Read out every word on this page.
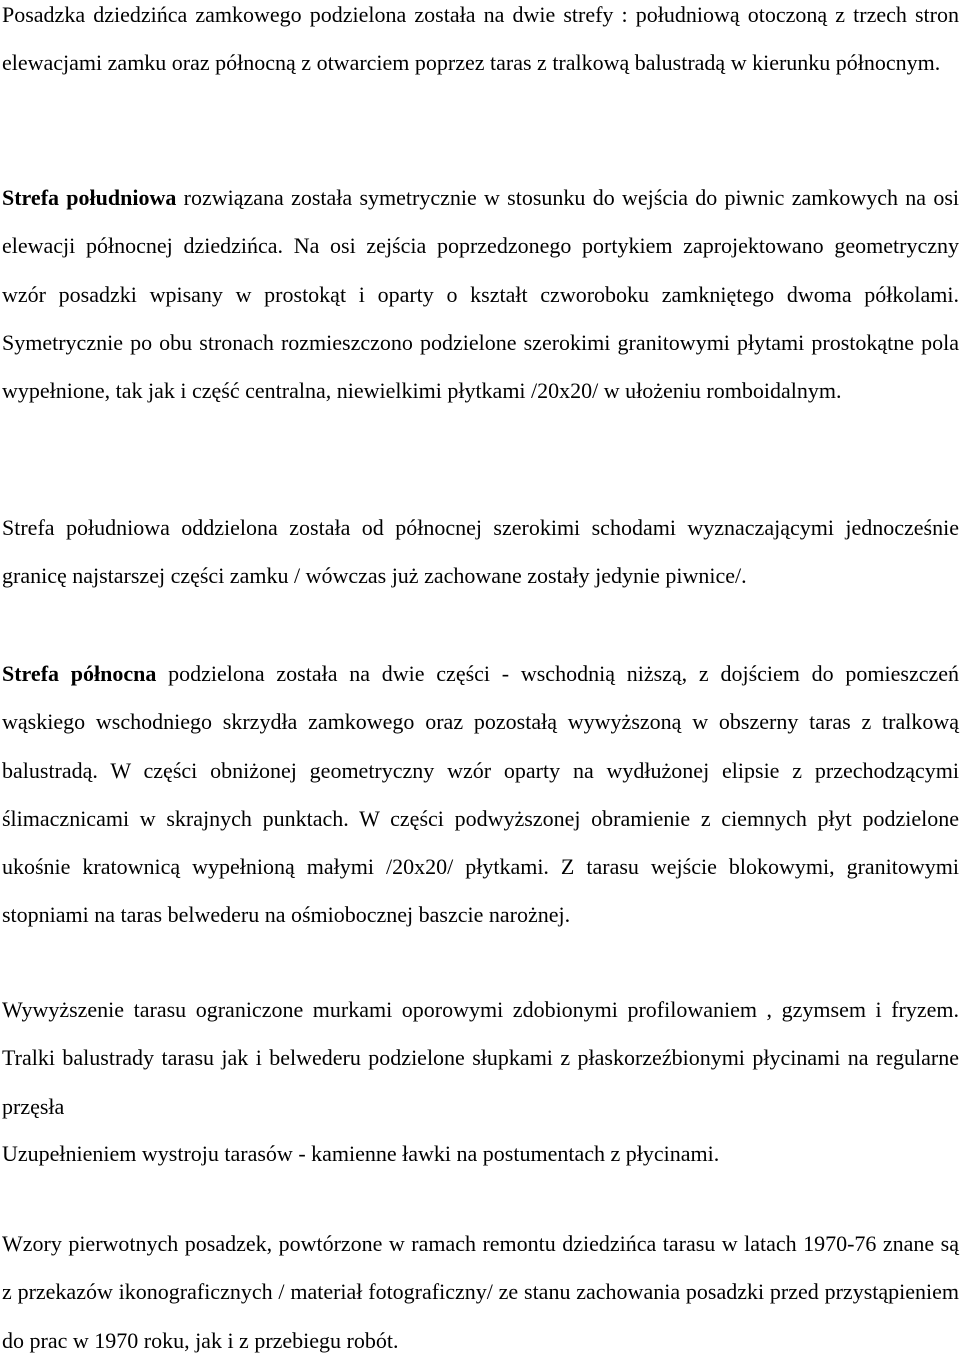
Posadzka dziedzińca zamkowego podzielona została na dwie strefy : południową otoczoną z trzech stron elewacjami zamku oraz północną z otwarciem poprzez taras z tralkową balustradą w kierunku północnym.

Strefa południowa rozwiązana została symetrycznie w stosunku do wejścia do piwnic zamkowych na osi elewacji północnej dziedzińca. Na osi zejścia poprzedzonego portykiem zaprojektowano geometryczny wzór posadzki wpisany w prostokąt i oparty o kształt czworoboku zamkniętego dwoma półkolami. Symetrycznie po obu stronach rozmieszczono podzielone szerokimi granitowymi płytami prostokątne pola wypełnione, tak jak i część centralna, niewielkimi płytkami /20x20/ w ułożeniu romboidalnym.

Strefa południowa oddzielona została od północnej szerokimi schodami wyznaczającymi jednocześnie granicę najstarszej części zamku / wówczas już zachowane zostały jedynie piwnice/.

Strefa północna podzielona została na dwie części - wschodnią niższą, z dojściem do pomieszczeń wąskiego wschodniego skrzydła zamkowego oraz pozostałą wywyższoną w obszerny taras z tralkową balustradą. W części obniżonej geometryczny wzór oparty na wydłużonej elipsie z przechodzącymi ślimacznicami w skrajnych punktach. W części podwyższonej obramienie z ciemnych płyt podzielone ukośnie kratownicą wypełnioną małymi /20x20/ płytkami. Z tarasu wejście blokowymi, granitowymi stopniami na taras belwederu na ośmiobocznej baszcie narożnej.

Wywyższenie tarasu ograniczone murkami oporowymi zdobionymi profilowaniem , gzymsem i fryzem. Tralki balustrady tarasu jak i belwederu podzielone słupkami z płaskorzeźbionymi płycinami na regularne przęsła

Uzupełnieniem wystroju tarasów - kamienne ławki na postumentach z płycinami.

Wzory pierwotnych posadzek, powtórzone w ramach remontu dziedzińca tarasu w latach 1970-76 znane są z przekazów ikonograficznych / materiał fotograficzny/ ze stanu zachowania posadzki przed przystąpieniem do prac w 1970 roku, jak i z przebiegu robót.
